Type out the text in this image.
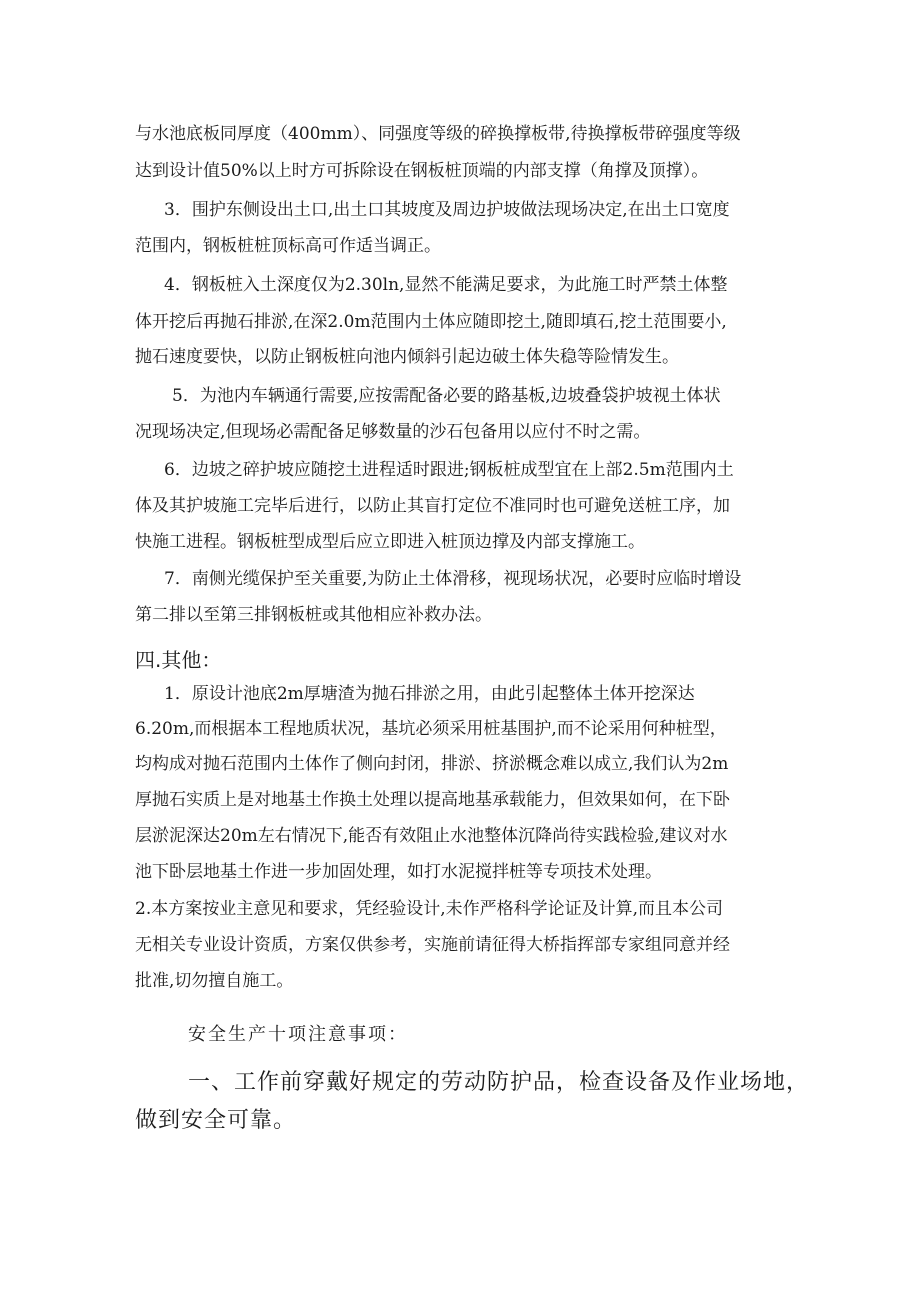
与水池底板同厚度（400mm）、同强度等级的碎换撑板带,待换撑板带碎强度等级
达到设计值50%以上时方可拆除设在钢板桩顶端的内部支撑（角撑及顶撑）。
3．围护东侧设出土口,出土口其坡度及周边护坡做法现场决定,在出土口宽度
范围内，钢板桩桩顶标高可作适当调正。
4．钢板桩入土深度仅为2.30ln,显然不能满足要求，为此施工时严禁土体整
体开挖后再抛石排淤,在深2.0m范围内土体应随即挖土,随即填石,挖土范围要小,
抛石速度要快，以防止钢板桩向池内倾斜引起边破土体失稳等险情发生。
5．为池内车辆通行需要,应按需配备必要的路基板,边坡叠袋护坡视土体状
况现场决定,但现场必需配备足够数量的沙石包备用以应付不时之需。
6．边坡之碎护坡应随挖土进程适时跟进;钢板桩成型宜在上部2.5m范围内土
体及其护坡施工完毕后进行，以防止其盲打定位不准同时也可避免送桩工序，加
快施工进程。钢板桩型成型后应立即进入桩顶边撑及内部支撑施工。
7．南侧光缆保护至关重要,为防止土体滑移，视现场状况，必要时应临时增设
第二排以至第三排钢板桩或其他相应补救办法。
四.其他：
1．原设计池底2m厚塘渣为抛石排淤之用，由此引起整体土体开挖深达
6.20m,而根据本工程地质状况，基坑必须采用桩基围护,而不论采用何种桩型，
均构成对抛石范围内土体作了侧向封闭，排淤、挤淤概念难以成立,我们认为2m
厚抛石实质上是对地基土作换土处理以提高地基承载能力，但效果如何，在下卧
层淤泥深达20m左右情况下,能否有效阻止水池整体沉降尚待实践检验,建议对水
池下卧层地基土作进一步加固处理，如打水泥搅拌桩等专项技术处理。
2.本方案按业主意见和要求，凭经验设计,未作严格科学论证及计算,而且本公司
无相关专业设计资质，方案仅供参考，实施前请征得大桥指挥部专家组同意并经
批准,切勿擅自施工。
安全生产十项注意事项：
一、工作前穿戴好规定的劳动防护品，检查设备及作业场地，
做到安全可靠。
